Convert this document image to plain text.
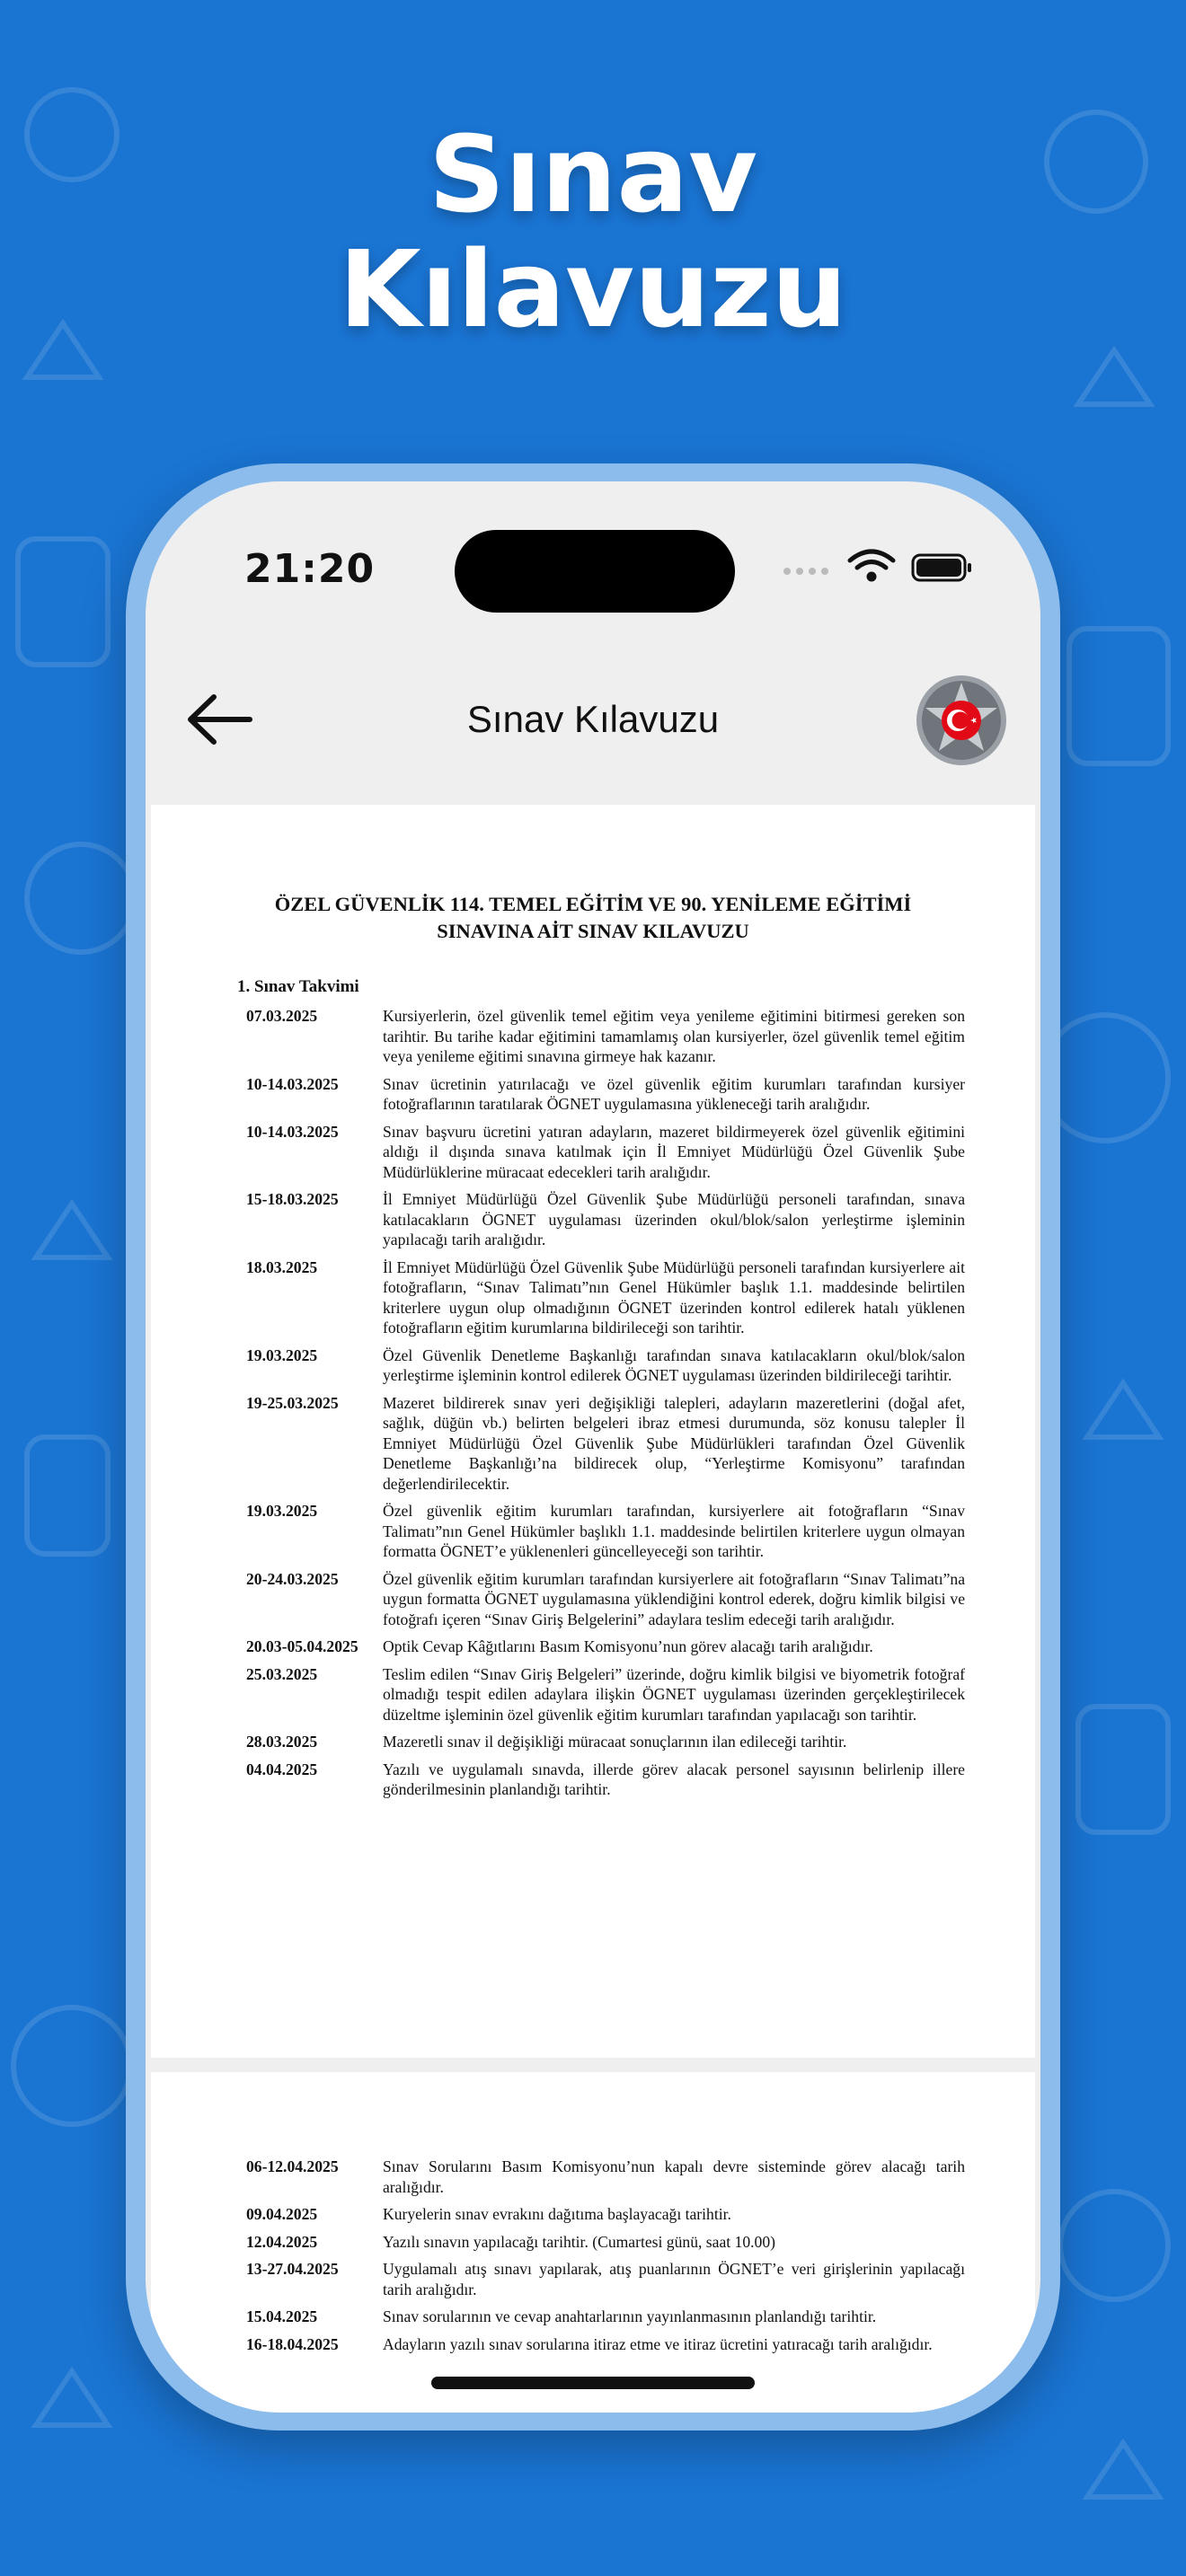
Sınav
Kılavuzu
21:20
Sınav Kılavuzu
ÖZEL GÜVENLİK 114. TEMEL EĞİTİM VE 90. YENİLEME EĞİTİMİ
SINAVINA AİT SINAV KILAVUZU
1. Sınav Takvimi
07.03.2025	Kursiyerlerin, özel güvenlik temel eğitim veya yenileme eğitimini bitirmesi gereken son tarihtir. Bu tarihe kadar eğitimini tamamlamış olan kursiyerler, özel güvenlik temel eğitim veya yenileme eğitimi sınavına girmeye hak kazanır.
10-14.03.2025	Sınav ücretinin yatırılacağı ve özel güvenlik eğitim kurumları tarafından kursiyer fotoğraflarının taratılarak ÖGNET uygulamasına yükleneceği tarih aralığıdır.
10-14.03.2025	Sınav başvuru ücretini yatıran adayların, mazeret bildirmeyerek özel güvenlik eğitimini aldığı il dışında sınava katılmak için İl Emniyet Müdürlüğü Özel Güvenlik Şube Müdürlüklerine müracaat edecekleri tarih aralığıdır.
15-18.03.2025	İl Emniyet Müdürlüğü Özel Güvenlik Şube Müdürlüğü personeli tarafından, sınava katılacakların ÖGNET uygulaması üzerinden okul/blok/salon yerleştirme işleminin yapılacağı tarih aralığıdır.
18.03.2025	İl Emniyet Müdürlüğü Özel Güvenlik Şube Müdürlüğü personeli tarafından kursiyerlere ait fotoğrafların, “Sınav Talimatı”nın Genel Hükümler başlık 1.1. maddesinde belirtilen kriterlere uygun olup olmadığının ÖGNET üzerinden kontrol edilerek hatalı yüklenen fotoğrafların eğitim kurumlarına bildirileceği son tarihtir.
19.03.2025	Özel Güvenlik Denetleme Başkanlığı tarafından sınava katılacakların okul/blok/salon yerleştirme işleminin kontrol edilerek ÖGNET uygulaması üzerinden bildirileceği tarihtir.
19-25.03.2025	Mazeret bildirerek sınav yeri değişikliği talepleri, adayların mazeretlerini (doğal afet, sağlık, düğün vb.) belirten belgeleri ibraz etmesi durumunda, söz konusu talepler İl Emniyet Müdürlüğü Özel Güvenlik Şube Müdürlükleri tarafından Özel Güvenlik Denetleme Başkanlığı’na bildirecek olup, “Yerleştirme Komisyonu” tarafından değerlendirilecektir.
19.03.2025	Özel güvenlik eğitim kurumları tarafından, kursiyerlere ait fotoğrafların “Sınav Talimatı”nın Genel Hükümler başlıklı 1.1. maddesinde belirtilen kriterlere uygun olmayan formatta ÖGNET’e yüklenenleri güncelleyeceği son tarihtir.
20-24.03.2025	Özel güvenlik eğitim kurumları tarafından kursiyerlere ait fotoğrafların “Sınav Talimatı”na uygun formatta ÖGNET uygulamasına yüklendiğini kontrol ederek, doğru kimlik bilgisi ve fotoğrafı içeren “Sınav Giriş Belgelerini” adaylara teslim edeceği tarih aralığıdır.
20.03-05.04.2025	Optik Cevap Kâğıtlarını Basım Komisyonu’nun görev alacağı tarih aralığıdır.
25.03.2025	Teslim edilen “Sınav Giriş Belgeleri” üzerinde, doğru kimlik bilgisi ve biyometrik fotoğraf olmadığı tespit edilen adaylara ilişkin ÖGNET uygulaması üzerinden gerçekleştirilecek düzeltme işleminin özel güvenlik eğitim kurumları tarafından yapılacağı son tarihtir.
28.03.2025	Mazeretli sınav il değişikliği müracaat sonuçlarının ilan edileceği tarihtir.
04.04.2025	Yazılı ve uygulamalı sınavda, illerde görev alacak personel sayısının belirlenip illere gönderilmesinin planlandığı tarihtir.
06-12.04.2025	Sınav Sorularını Basım Komisyonu’nun kapalı devre sisteminde görev alacağı tarih aralığıdır.
09.04.2025	Kuryelerin sınav evrakını dağıtıma başlayacağı tarihtir.
12.04.2025	Yazılı sınavın yapılacağı tarihtir. (Cumartesi günü, saat 10.00)
13-27.04.2025	Uygulamalı atış sınavı yapılarak, atış puanlarının ÖGNET’e veri girişlerinin yapılacağı tarih aralığıdır.
15.04.2025	Sınav sorularının ve cevap anahtarlarının yayınlanmasının planlandığı tarihtir.
16-18.04.2025	Adayların yazılı sınav sorularına itiraz etme ve itiraz ücretini yatıracağı tarih aralığıdır.
